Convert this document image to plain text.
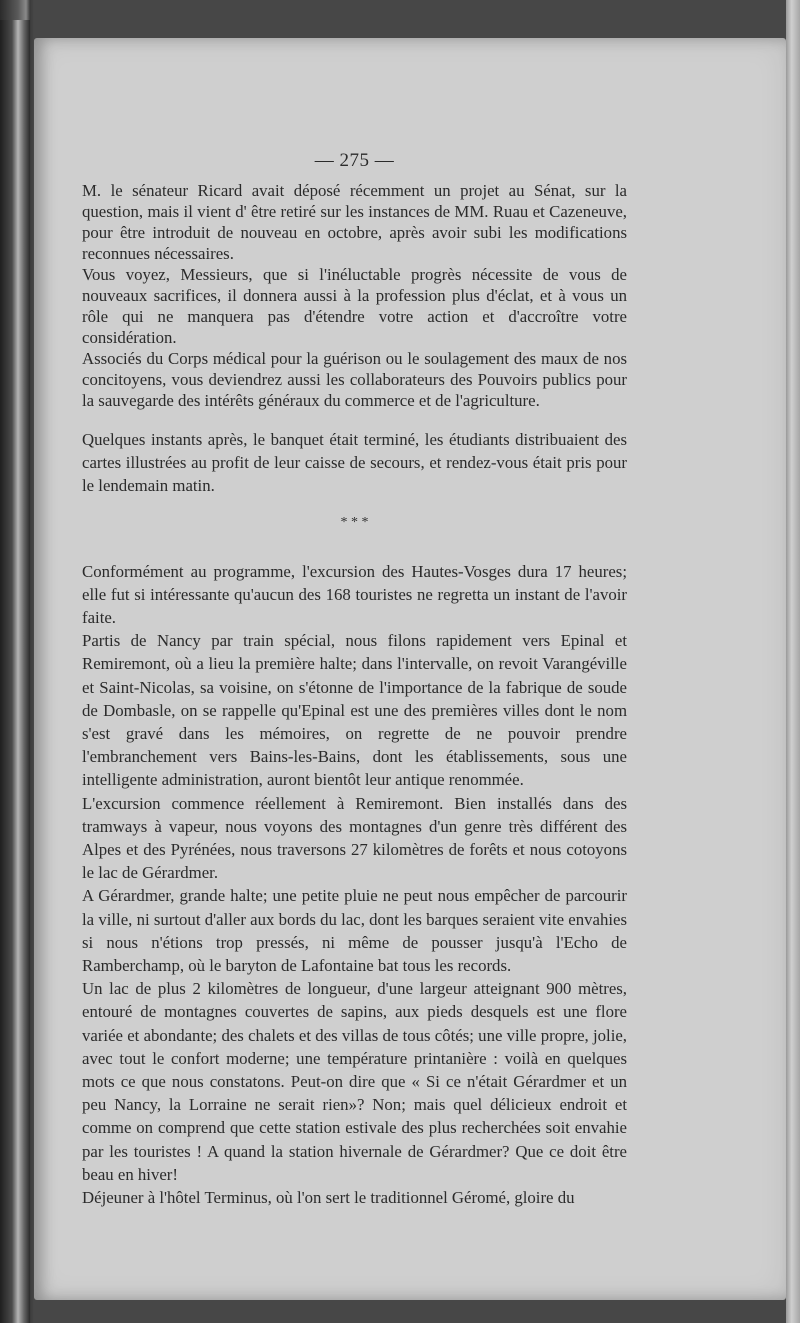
— 275 —

M. le sénateur Ricard avait déposé récemment un projet au Sénat, sur la question, mais il vient d' être retiré sur les instances de MM. Ruau et Cazeneuve, pour être introduit de nouveau en octobre, après avoir subi les modifications reconnues nécessaires.

Vous voyez, Messieurs, que si l'inéluctable progrès nécessite de vous de nouveaux sacrifices, il donnera aussi à la profession plus d'éclat, et à vous un rôle qui ne manquera pas d'étendre votre action et d'accroître votre considération.

Associés du Corps médical pour la guérison ou le soulagement des maux de nos concitoyens, vous deviendrez aussi les collaborateurs des Pouvoirs publics pour la sauvegarde des intérêts généraux du commerce et de l'agriculture.

Quelques instants après, le banquet était terminé, les étudiants distribuaient des cartes illustrées au profit de leur caisse de secours, et rendez-vous était pris pour le lendemain matin.

* * *

Conformément au programme, l'excursion des Hautes-Vosges dura 17 heures; elle fut si intéressante qu'aucun des 168 touristes ne regretta un instant de l'avoir faite.

Partis de Nancy par train spécial, nous filons rapidement vers Epinal et Remiremont, où a lieu la première halte; dans l'intervalle, on revoit Varangéville et Saint-Nicolas, sa voisine, on s'étonne de l'importance de la fabrique de soude de Dombasle, on se rappelle qu'Epinal est une des premières villes dont le nom s'est gravé dans les mémoires, on regrette de ne pouvoir prendre l'embranchement vers Bains-les-Bains, dont les établissements, sous une intelligente administration, auront bientôt leur antique renommée.

L'excursion commence réellement à Remiremont. Bien installés dans des tramways à vapeur, nous voyons des montagnes d'un genre très différent des Alpes et des Pyrénées, nous traversons 27 kilomètres de forêts et nous cotoyons le lac de Gérardmer.

A Gérardmer, grande halte; une petite pluie ne peut nous empêcher de parcourir la ville, ni surtout d'aller aux bords du lac, dont les barques seraient vite envahies si nous n'étions trop pressés, ni même de pousser jusqu'à l'Echo de Ramberchamp, où le baryton de Lafontaine bat tous les records.

Un lac de plus 2 kilomètres de longueur, d'une largeur atteignant 900 mètres, entouré de montagnes couvertes de sapins, aux pieds desquels est une flore variée et abondante; des chalets et des villas de tous côtés; une ville propre, jolie, avec tout le confort moderne; une température printanière : voilà en quelques mots ce que nous constatons. Peut-on dire que « Si ce n'était Gérardmer et un peu Nancy, la Lorraine ne serait rien»? Non; mais quel délicieux endroit et comme on comprend que cette station estivale des plus recherchées soit envahie par les touristes ! A quand la station hivernale de Gérardmer? Que ce doit être beau en hiver!

Déjeuner à l'hôtel Terminus, où l'on sert le traditionnel Géromé, gloire du
